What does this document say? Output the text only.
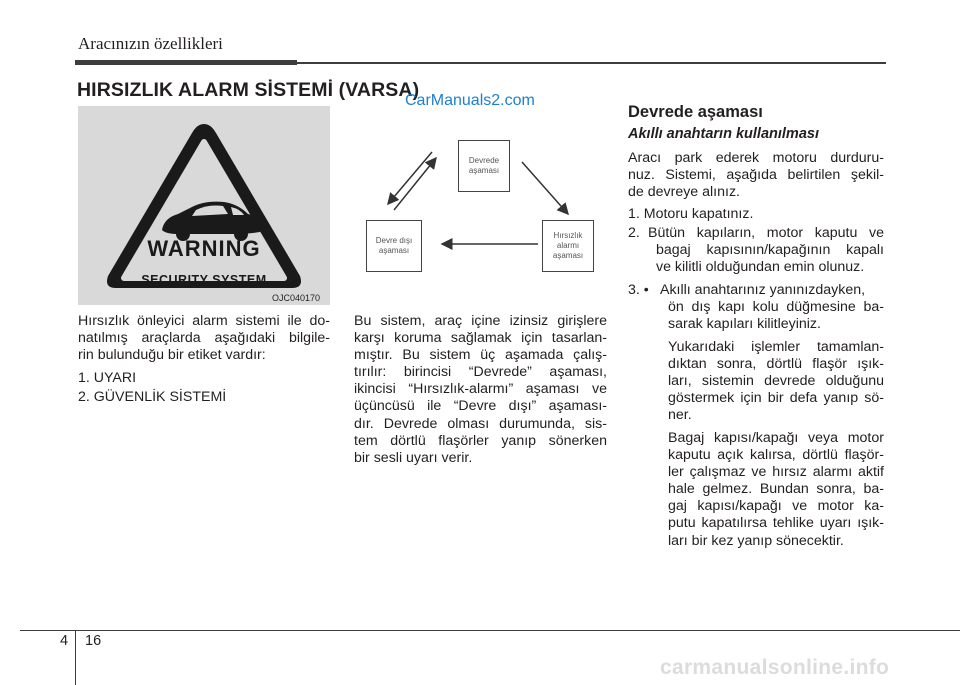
Aracınızın özellikleri
HIRSIZLIK ALARM SİSTEMİ (VARSA)
WARNING
SECURITY SYSTEM
OJC040170
Devrede
aşaması
Hırsızlık
alarmı
aşaması
Devre dışı
aşaması
CarManuals2.com
Hırsızlık önleyici alarm sistemi ile do-
natılmış araçlarda aşağıdaki bilgile-
rin bulunduğu bir etiket vardır:
1. UYARI
2. GÜVENLİK SİSTEMİ
Bu sistem, araç içine izinsiz girişlere
karşı koruma sağlamak için tasarlan-
mıştır. Bu sistem üç aşamada çalış-
tırılır: birincisi “Devrede” aşaması,
ikincisi “Hırsızlık-alarmı” aşaması ve
üçüncüsü ile “Devre dışı” aşaması-
dır. Devrede olması durumunda, sis-
tem dörtlü flaşörler yanıp sönerken
bir sesli uyarı verir.
Devrede aşaması
Akıllı anahtarın kullanılması
Aracı park ederek motoru durduru-
nuz. Sistemi, aşağıda belirtilen şekil-
de devreye alınız.
1. Motoru kapatınız.
2. Bütün kapıların, motor kaputu ve
bagaj kapısının/kapağının kapalı
ve kilitli olduğundan emin olunuz.
3. • Akıllı anahtarınız yanınızdayken,
ön dış kapı kolu düğmesine ba-
sarak kapıları kilitleyiniz.
Yukarıdaki işlemler tamamlan-
dıktan sonra, dörtlü flaşör ışık-
ları, sistemin devrede olduğunu
göstermek için bir defa yanıp sö-
ner.
Bagaj kapısı/kapağı veya motor
kaputu açık kalırsa, dörtlü flaşör-
ler çalışmaz ve hırsız alarmı aktif
hale gelmez. Bundan sonra, ba-
gaj kapısı/kapağı ve motor ka-
putu kapatılırsa tehlike uyarı ışık-
ları bir kez yanıp sönecektir.
4 16
carmanualsonline.info
